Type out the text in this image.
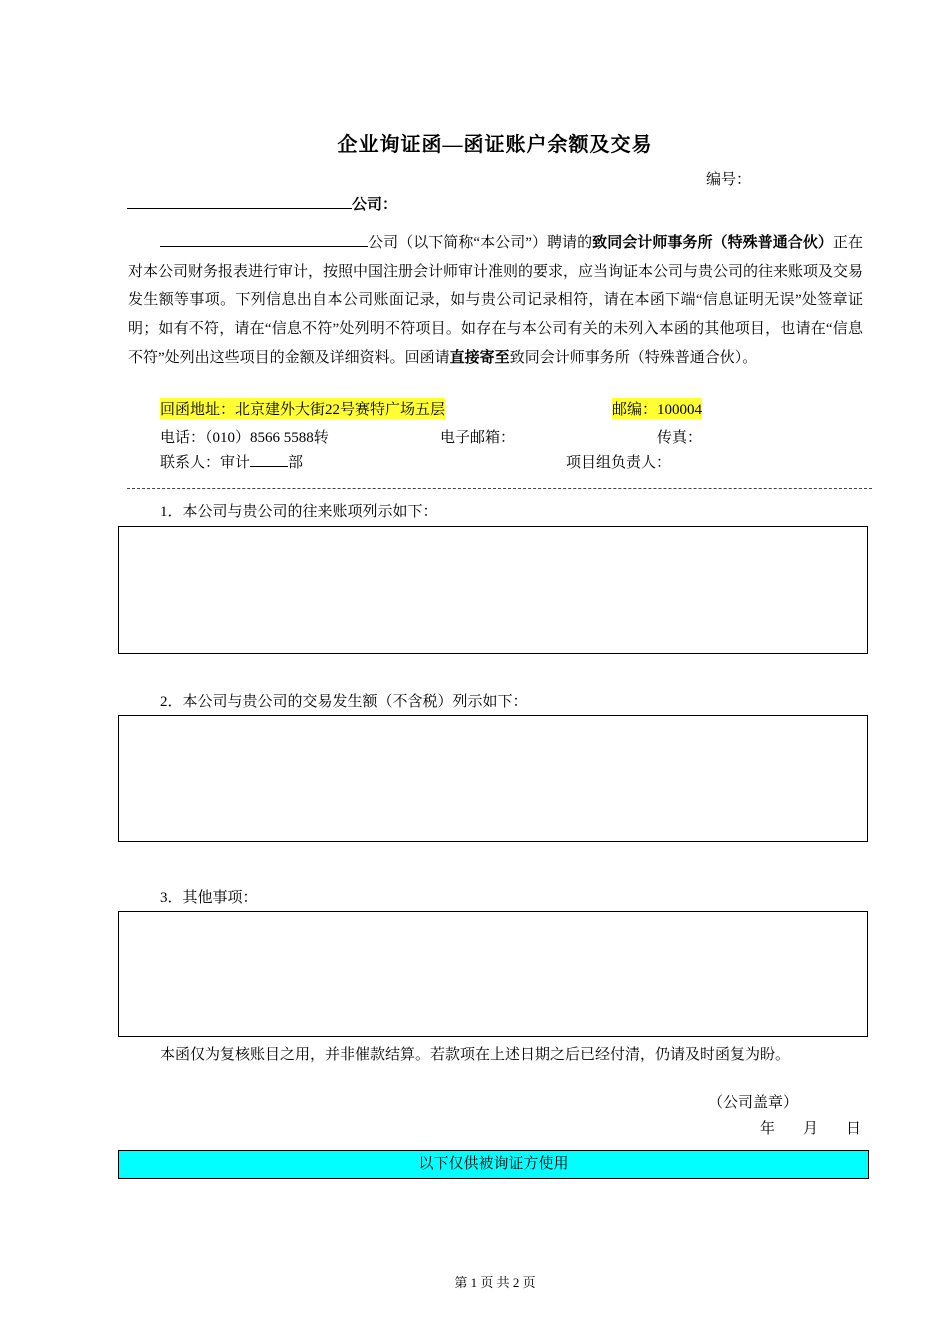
企业询证函—函证账户余额及交易
编号：
公司：
公司（以下简称“本公司”）聘请的致同会计师事务所（特殊普通合伙）正在对本公司财务报表进行审计，按照中国注册会计师审计准则的要求，应当询证本公司与贵公司的往来账项及交易发生额等事项。下列信息出自本公司账面记录，如与贵公司记录相符，请在本函下端“信息证明无误”处签章证明；如有不符，请在“信息不符”处列明不符项目。如存在与本公司有关的未列入本函的其他项目，也请在“信息不符”处列出这些项目的金额及详细资料。回函请直接寄至致同会计师事务所（特殊普通合伙）。
回函地址：北京建外大街22号赛特广场五层	邮编：100004
电话：（010）8566 5588转	电子邮箱：	传真：
联系人：审计	部	项目组负责人：
1．本公司与贵公司的往来账项列示如下：
2．本公司与贵公司的交易发生额（不含税）列示如下：
3．其他事项：
本函仅为复核账目之用，并非催款结算。若款项在上述日期之后已经付清，仍请及时函复为盼。
（公司盖章）
年 月 日
以下仅供被询证方使用
第 1 页 共 2 页
